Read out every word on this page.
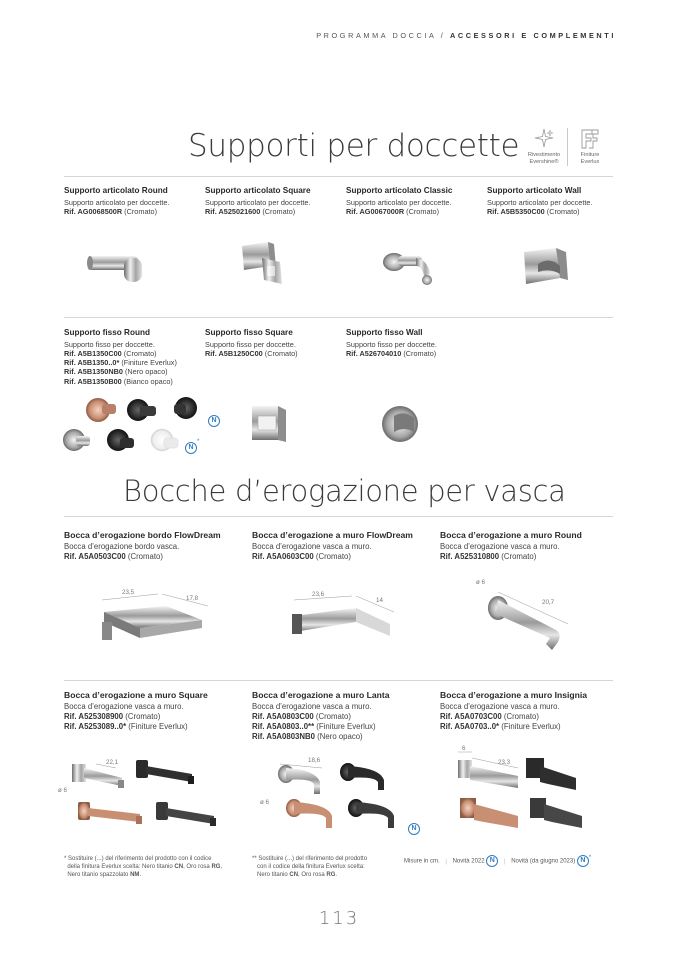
PROGRAMMA DOCCIA / ACCESSORI E COMPLEMENTI
Supporti per doccette	Rivestimento
Evershine®
Finiture
Everlux
Supporto articolato Round
Supporto articolato per doccette.
Rif. AG0068500R (Cromato)
Supporto articolato Square
Supporto articolato per doccette.
Rif. A525021600 (Cromato)
Supporto articolato Classic
Supporto articolato per doccette.
Rif. AG0067000R (Cromato)
Supporto articolato Wall
Supporto articolato per doccette.
Rif. A5B5350C00 (Cromato)
Supporto fisso Round
Supporto fisso per doccette.
Rif. A5B1350C00 (Cromato)
Rif. A5B1350..0* (Finiture Everlux)
Rif. A5B1350NB0 (Nero opaco)
Rif. A5B1350B00 (Bianco opaco)
Supporto fisso Square
Supporto fisso per doccette.
Rif. A5B1250C00 (Cromato)
Supporto fisso Wall
Supporto fisso per doccette.
Rif. A526704010 (Cromato)
N
N*
Bocche d’erogazione per vasca
Bocca d’erogazione bordo FlowDream
Bocca d’erogazione bordo vasca.
Rif. A5A0503C00 (Cromato)
Bocca d’erogazione a muro FlowDream
Bocca d’erogazione vasca a muro.
Rif. A5A0603C00 (Cromato)
Bocca d’erogazione a muro Round
Bocca d’erogazione vasca a muro.
Rif. A525310800 (Cromato)
23,5
17,8
23,6
14
ø 6
20,7
Bocca d’erogazione a muro Square
Bocca d’erogazione vasca a muro.
Rif. A525308900 (Cromato)
Rif. A5253089..0* (Finiture Everlux)
Bocca d’erogazione a muro Lanta
Bocca d’erogazione vasca a muro.
Rif. A5A0803C00 (Cromato)
Rif. A5A0803..0** (Finiture Everlux)
Rif. A5A0803NB0 (Nero opaco)
Bocca d’erogazione a muro Insignia
Bocca d’erogazione vasca a muro.
Rif. A5A0703C00 (Cromato)
Rif. A5A0703..0* (Finiture Everlux)
22,1
ø 6
18,6
ø 6
N
6
23,3
* Sostituire (...) del riferimento del prodotto con il codice
della finitura Everlux scelta: Nero titanio CN, Oro rosa RG,
Nero titanio spazzolato NM.
** Sostituire (...) del riferimento del prodotto
con il codice della finitura Everlux scelta:
Nero titanio CN, Oro rosa RG.
Misure in cm. | Novità 2022 N | Novità (da giugno 2023) N *
113
